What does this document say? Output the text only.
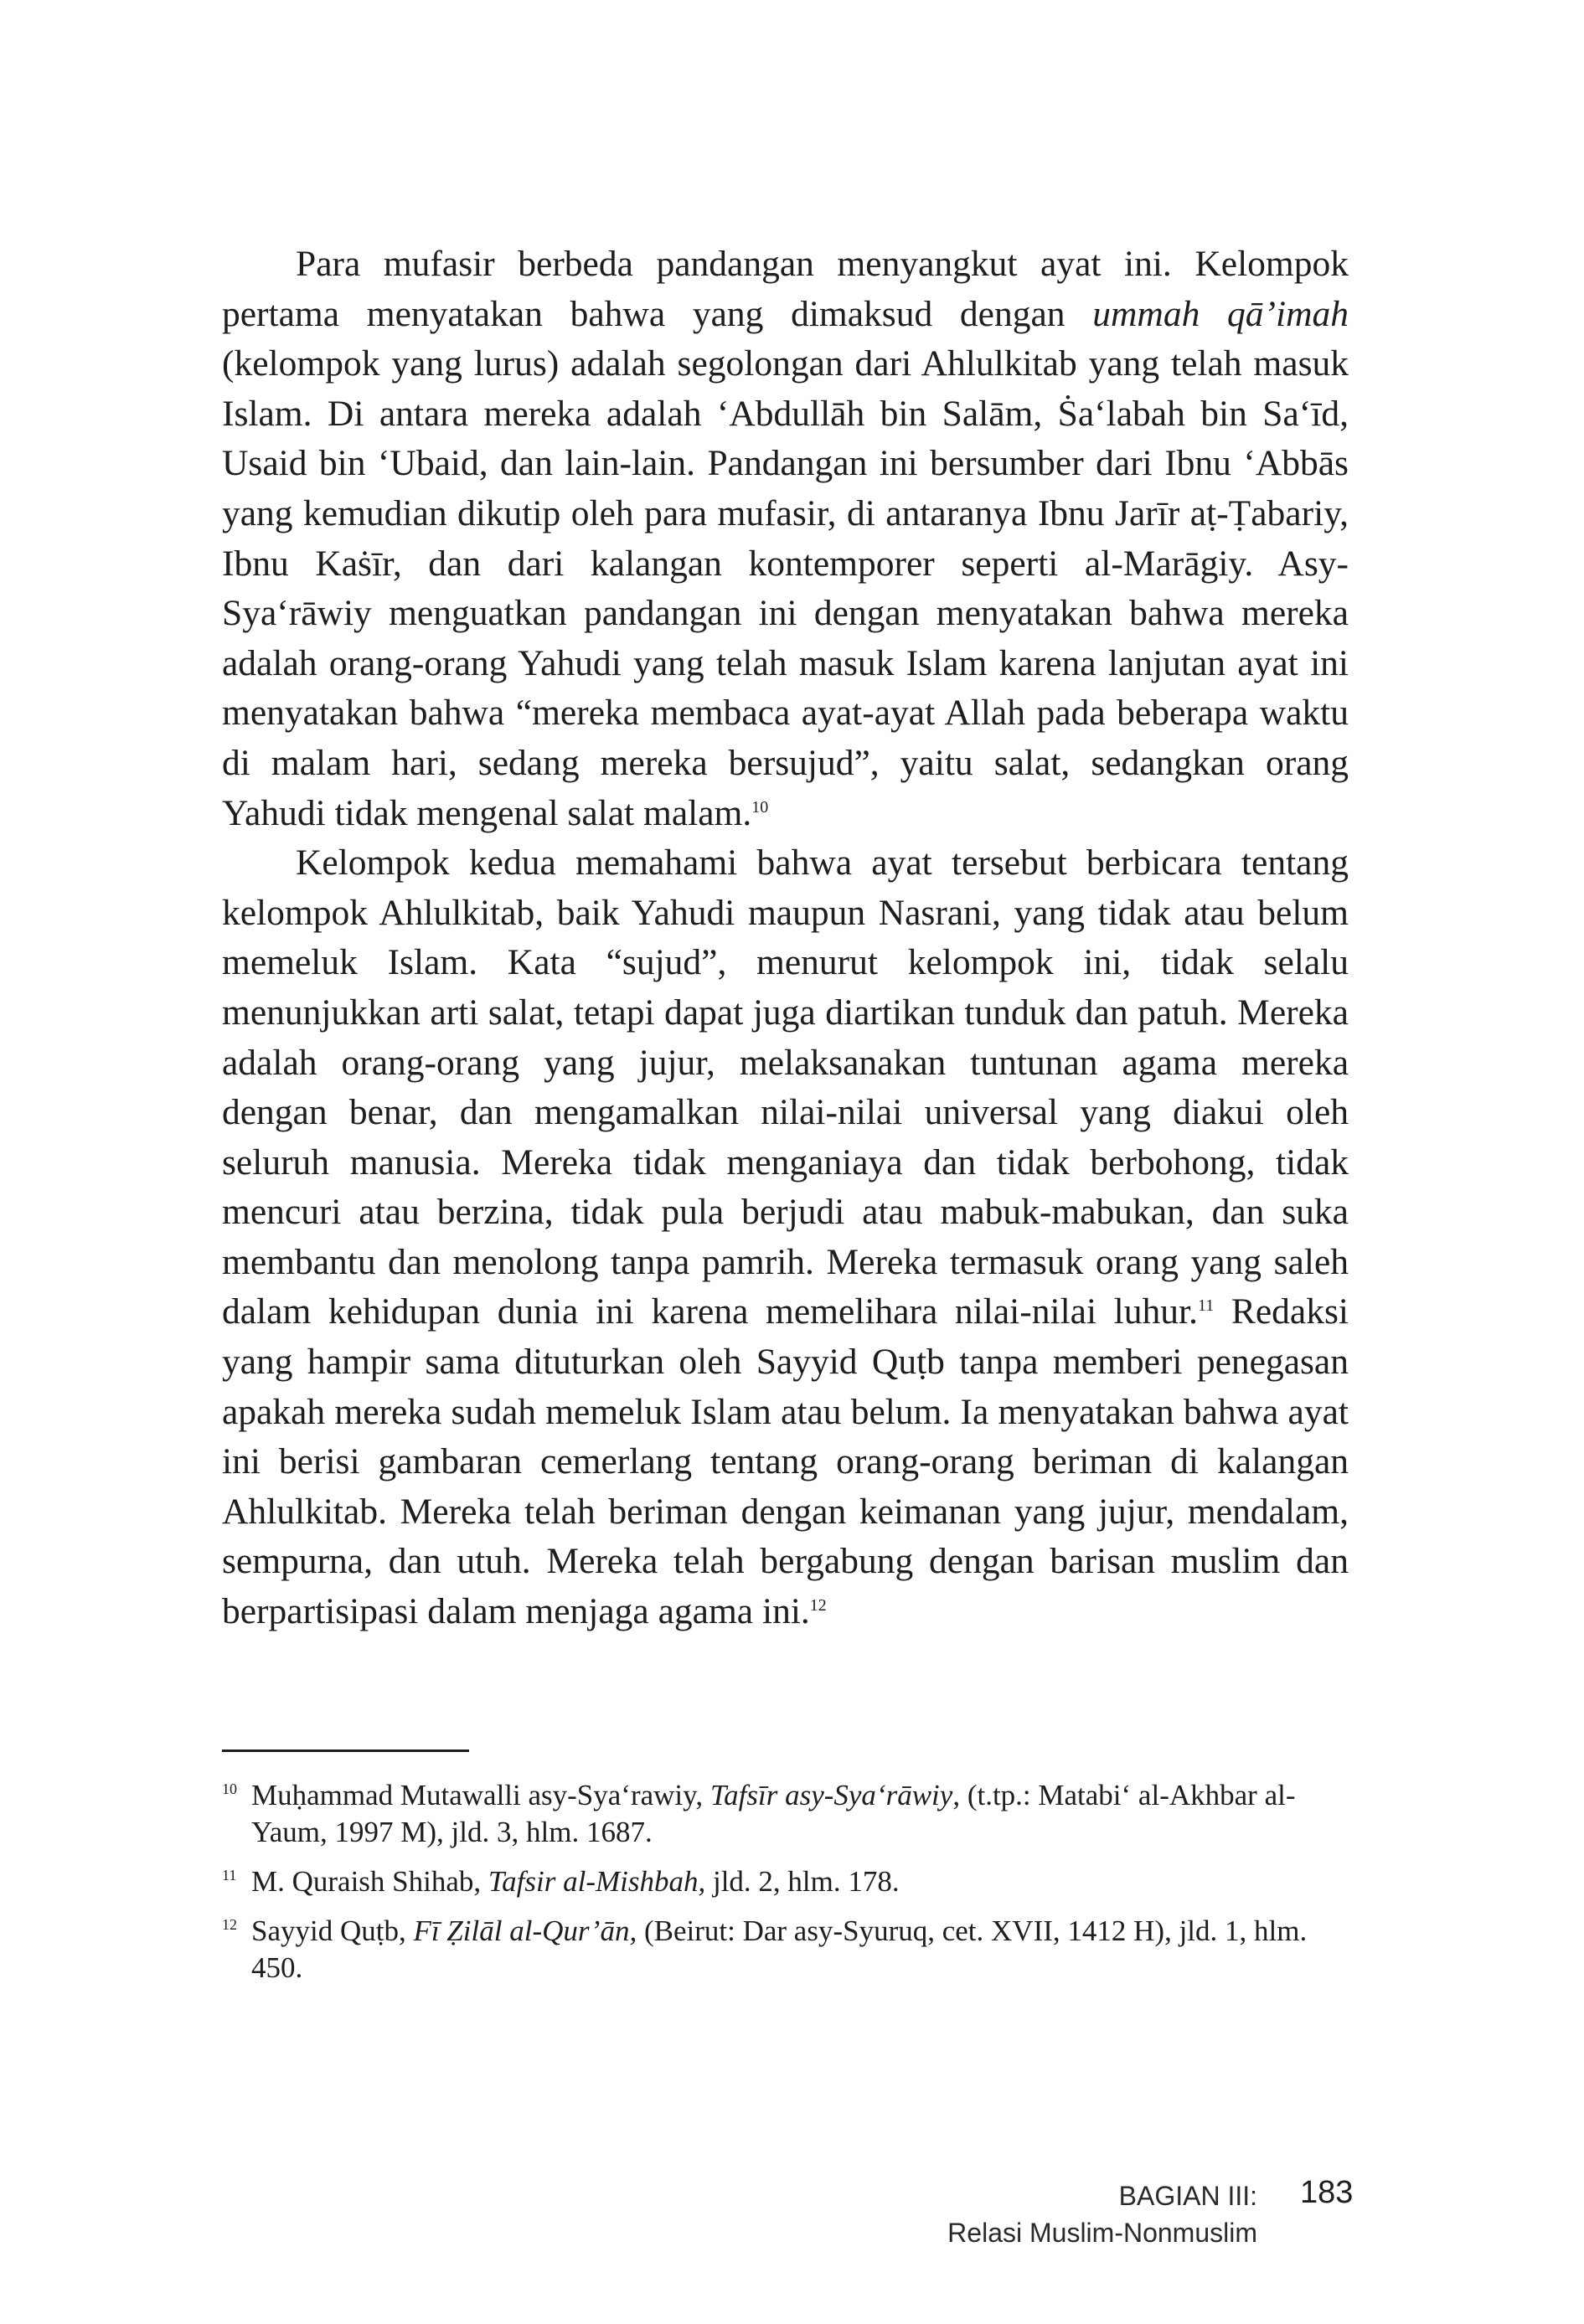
Para mufasir berbeda pandangan menyangkut ayat ini. Kelompok pertama menyatakan bahwa yang dimaksud dengan ummah qā’imah (kelompok yang lurus) adalah segolongan dari Ahlulkitab yang telah masuk Islam. Di antara mereka adalah ‘Abdullāh bin Salām, Ṡa‘labah bin Sa‘īd, Usaid bin ‘Ubaid, dan lain-lain. Pandangan ini bersumber dari Ibnu ‘Abbās yang kemudian dikutip oleh para mufasir, di antaranya Ibnu Jarīr aṭ-Ṭabariy, Ibnu Kaṡīr, dan dari kalangan kontemporer seperti al-Marāgiy. Asy-Sya‘rāwiy menguatkan pandangan ini dengan menyatakan bahwa mereka adalah orang-orang Yahudi yang telah masuk Islam karena lanjutan ayat ini menyatakan bahwa “mereka membaca ayat-ayat Allah pada beberapa waktu di malam hari, sedang mereka bersujud”, yaitu salat, sedangkan orang Yahudi tidak mengenal salat malam.$^{10}$

Kelompok kedua memahami bahwa ayat tersebut berbicara tentang kelompok Ahlulkitab, baik Yahudi maupun Nasrani, yang tidak atau belum memeluk Islam. Kata “sujud”, menurut kelompok ini, tidak selalu menunjukkan arti salat, tetapi dapat juga diartikan tunduk dan patuh. Mereka adalah orang-orang yang jujur, melaksanakan tuntunan agama mereka dengan benar, dan mengamalkan nilai-nilai universal yang diakui oleh seluruh manusia. Mereka tidak menganiaya dan tidak berbohong, tidak mencuri atau berzina, tidak pula berjudi atau mabuk-mabukan, dan suka membantu dan menolong tanpa pamrih. Mereka termasuk orang yang saleh dalam kehidupan dunia ini karena memelihara nilai-nilai luhur.$^{11}$ Redaksi yang hampir sama dituturkan oleh Sayyid Quṭb tanpa memberi penegasan apakah mereka sudah memeluk Islam atau belum. Ia menyatakan bahwa ayat ini berisi gambaran cemerlang tentang orang-orang beriman di kalangan Ahlulkitab. Mereka telah beriman dengan keimanan yang jujur, mendalam, sempurna, dan utuh. Mereka telah bergabung dengan barisan muslim dan berpartisipasi dalam menjaga agama ini.$^{12}$

10 Muḥammad Mutawalli asy-Sya‘rawiy, Tafsīr asy-Sya‘rāwiy, (t.tp.: Matabi‘ al-Akhbar al-Yaum, 1997 M), jld. 3, hlm. 1687.
11 M. Quraish Shihab, Tafsir al-Mishbah, jld. 2, hlm. 178.
12 Sayyid Quṭb, Fī Ẓilāl al-Qur’ān, (Beirut: Dar asy-Syuruq, cet. XVII, 1412 H), jld. 1, hlm. 450.
BAGIAN III:
Relasi Muslim-Nonmuslim
183
